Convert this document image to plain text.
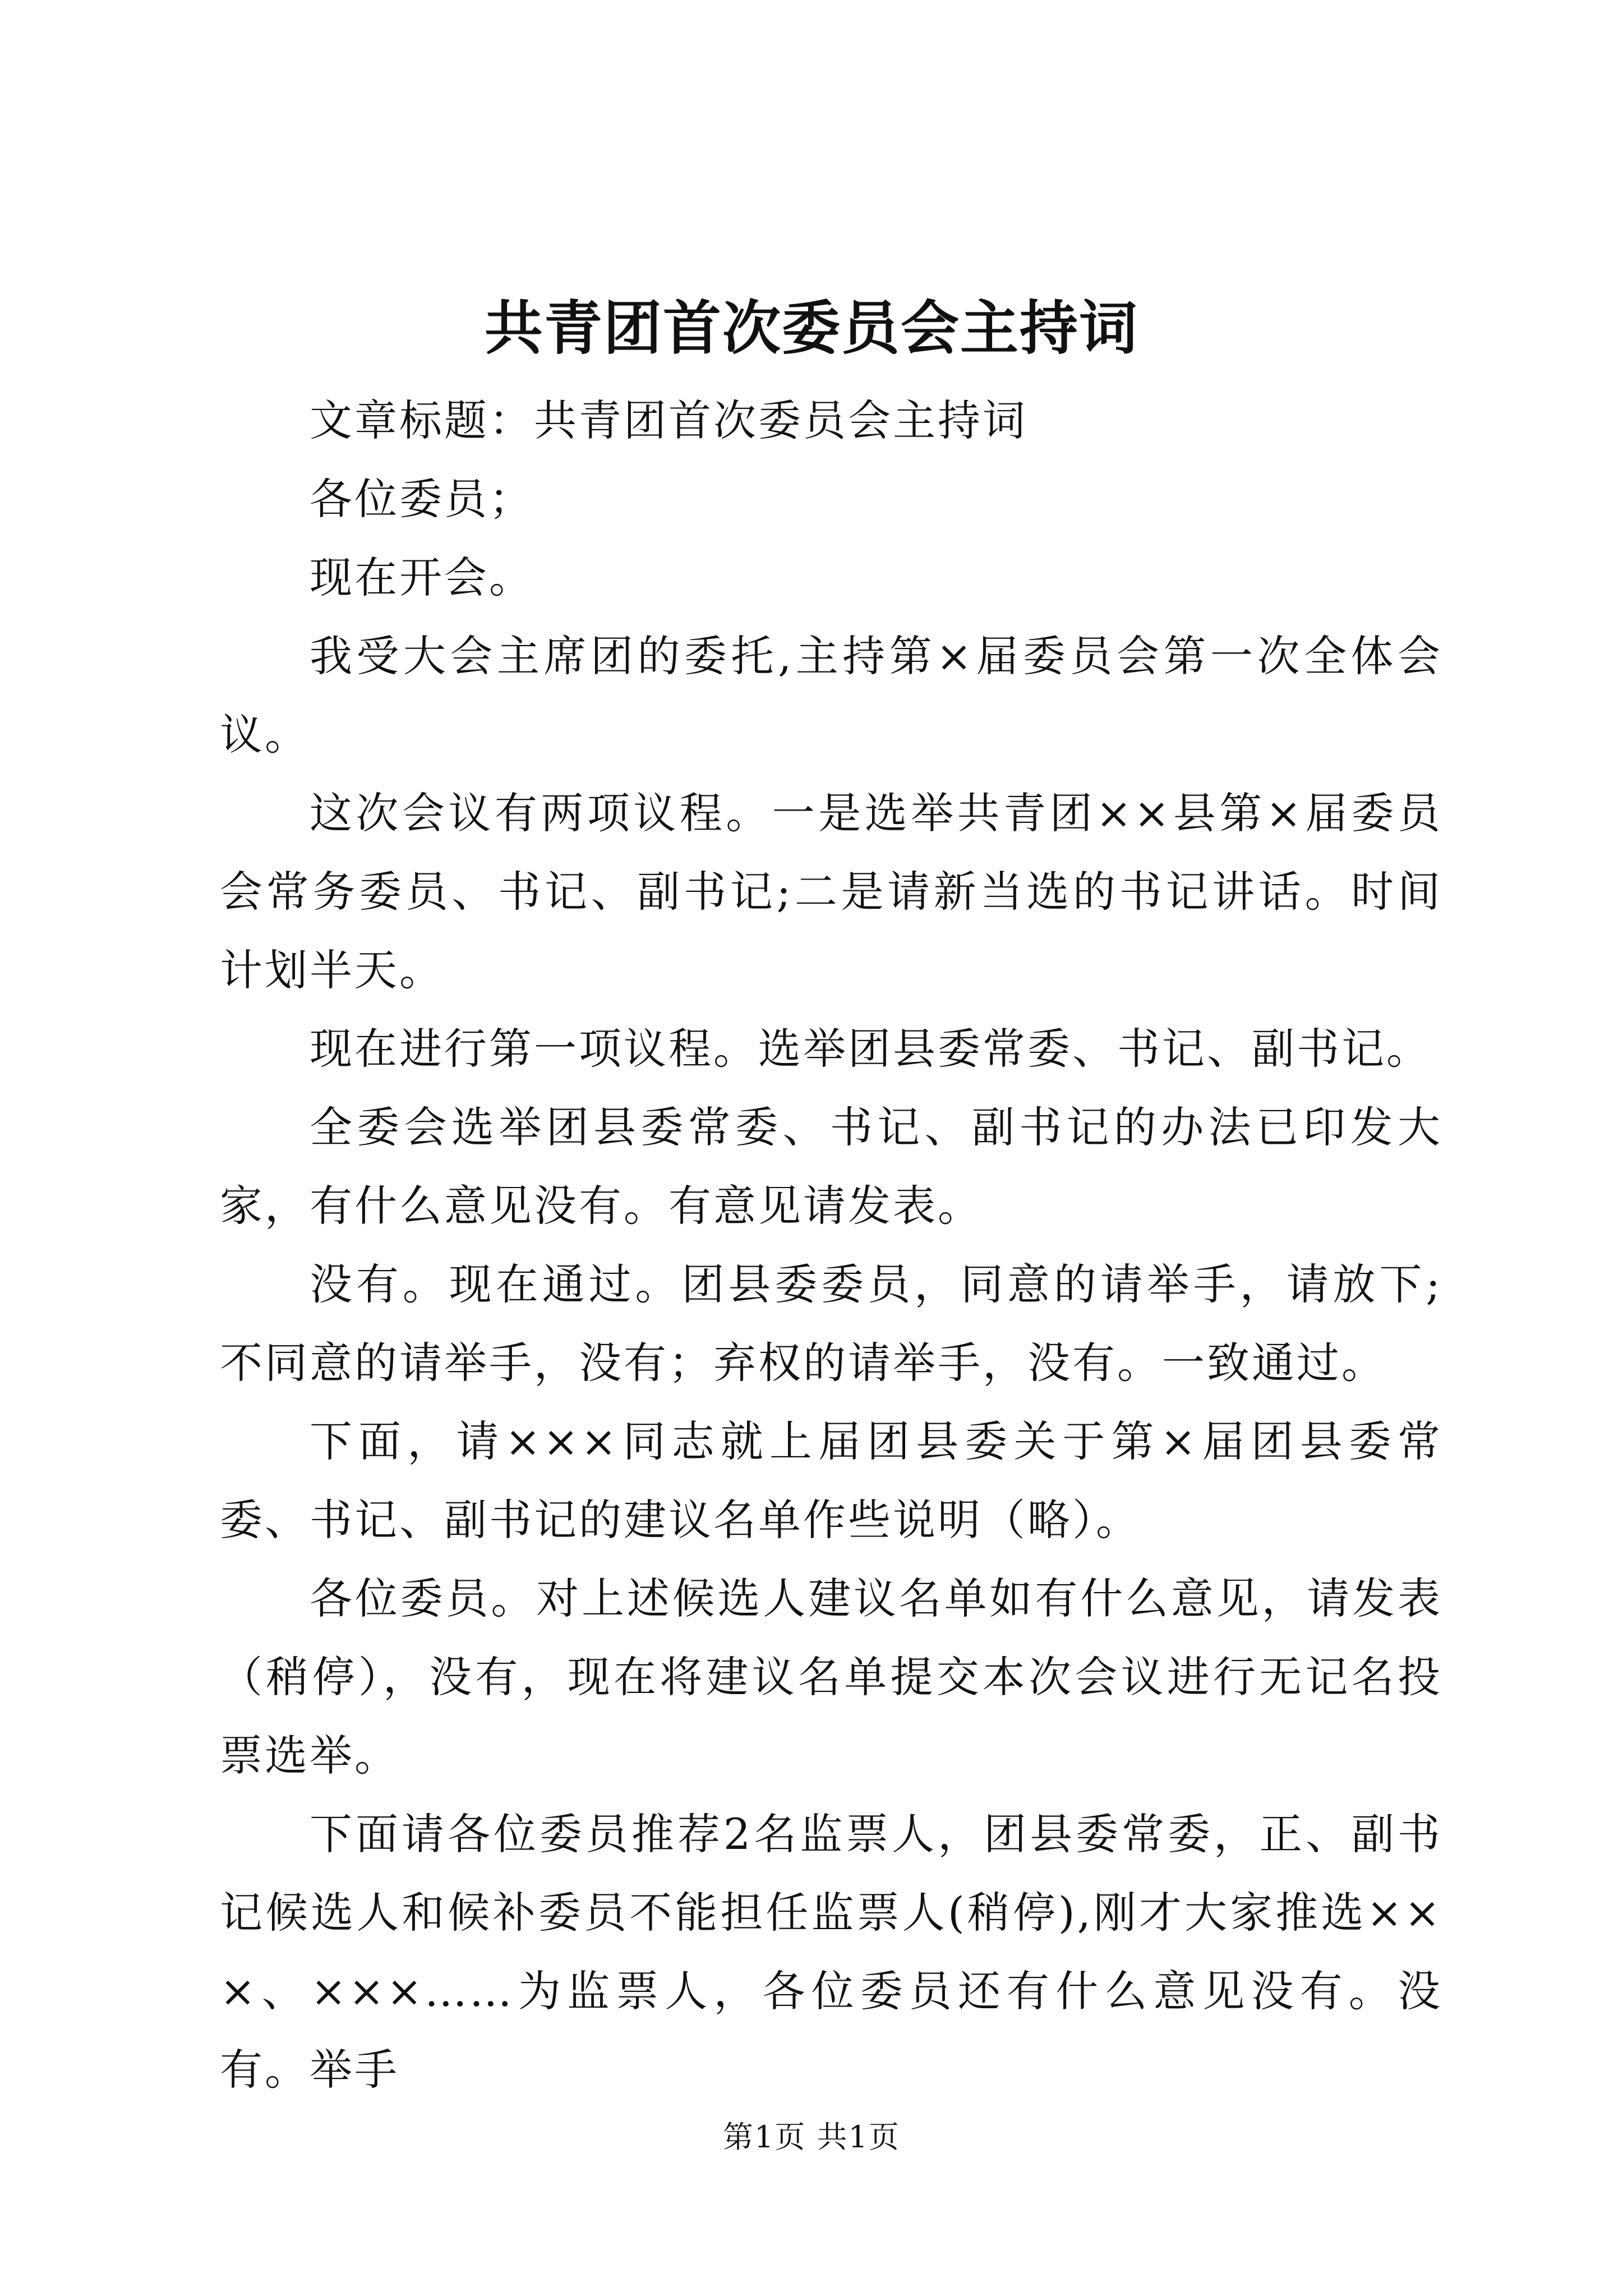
共青团首次委员会主持词

文章标题：共青团首次委员会主持词

各位委员；

现在开会。

我受大会主席团的委托,主持第×届委员会第一次全体会议。

这次会议有两项议程。一是选举共青团××县第×届委员会常务委员、书记、副书记;二是请新当选的书记讲话。时间计划半天。

现在进行第一项议程。选举团县委常委、书记、副书记。

全委会选举团县委常委、书记、副书记的办法已印发大家，有什么意见没有。有意见请发表。

没有。现在通过。团县委委员，同意的请举手，请放下;不同意的请举手，没有；弃权的请举手，没有。一致通过。

下面，请×××同志就上届团县委关于第×届团县委常委、书记、副书记的建议名单作些说明（略）。

各位委员。对上述候选人建议名单如有什么意见，请发表（稍停），没有，现在将建议名单提交本次会议进行无记名投票选举。

下面请各位委员推荐2名监票人，团县委常委，正、副书记候选人和候补委员不能担任监票人(稍停),刚才大家推选×××、×××……为监票人，各位委员还有什么意见没有。没有。举手

第1页 共1页
